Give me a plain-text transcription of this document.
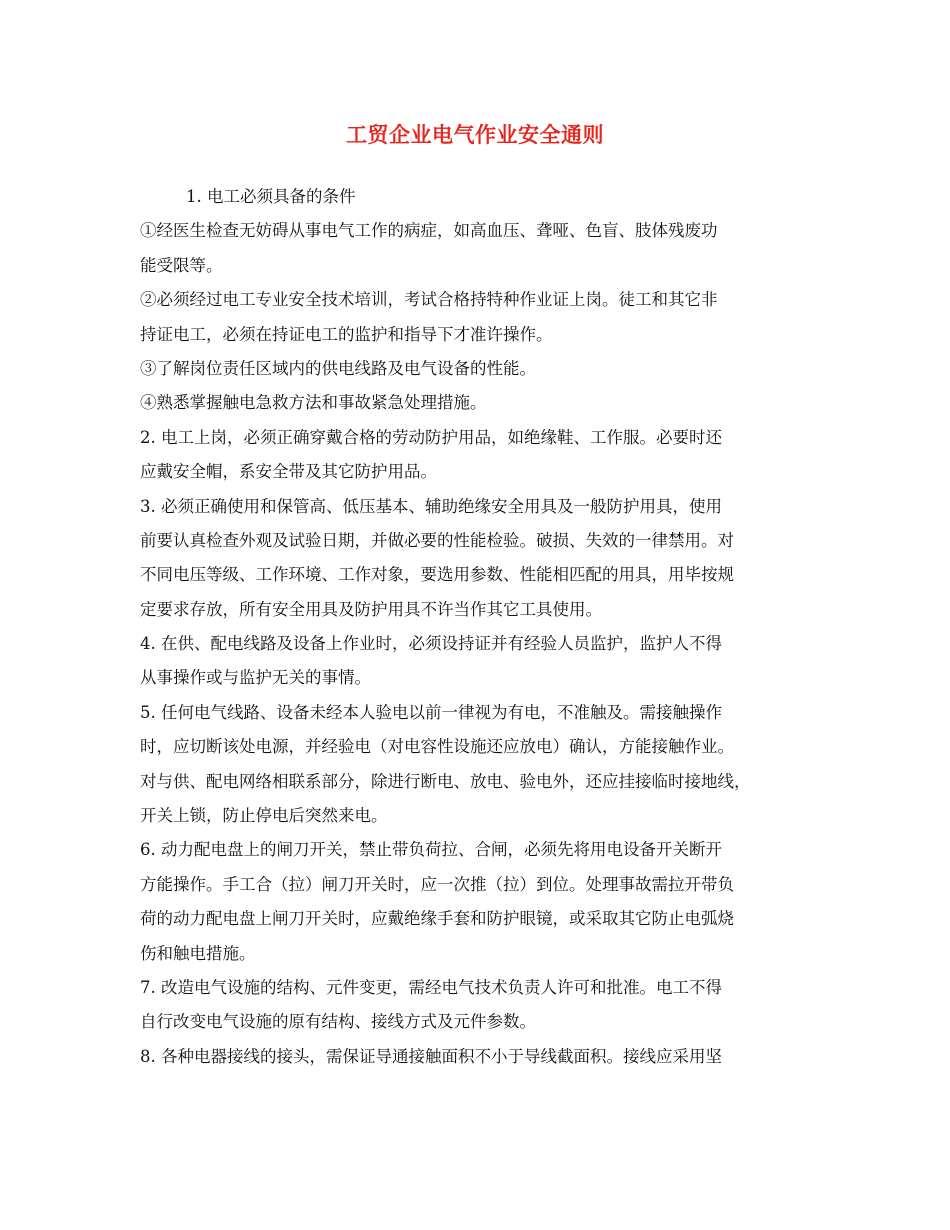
工贸企业电气作业安全通则
1. 电工必须具备的条件
①经医生检查无妨碍从事电气工作的病症，如高血压、聋哑、色盲、肢体残废功
能受限等。
②必须经过电工专业安全技术培训，考试合格持特种作业证上岗。徒工和其它非
持证电工，必须在持证电工的监护和指导下才准许操作。
③了解岗位责任区域内的供电线路及电气设备的性能。
④熟悉掌握触电急救方法和事故紧急处理措施。
2. 电工上岗，必须正确穿戴合格的劳动防护用品，如绝缘鞋、工作服。必要时还
应戴安全帽，系安全带及其它防护用品。
3. 必须正确使用和保管高、低压基本、辅助绝缘安全用具及一般防护用具，使用
前要认真检查外观及试验日期，并做必要的性能检验。破损、失效的一律禁用。对
不同电压等级、工作环境、工作对象，要选用参数、性能相匹配的用具，用毕按规
定要求存放，所有安全用具及防护用具不许当作其它工具使用。
4. 在供、配电线路及设备上作业时，必须设持证并有经验人员监护，监护人不得
从事操作或与监护无关的事情。
5. 任何电气线路、设备未经本人验电以前一律视为有电，不准触及。需接触操作
时，应切断该处电源，并经验电（对电容性设施还应放电）确认，方能接触作业。
对与供、配电网络相联系部分，除进行断电、放电、验电外，还应挂接临时接地线，
开关上锁，防止停电后突然来电。
6. 动力配电盘上的闸刀开关，禁止带负荷拉、合闸，必须先将用电设备开关断开
方能操作。手工合（拉）闸刀开关时，应一次推（拉）到位。处理事故需拉开带负
荷的动力配电盘上闸刀开关时，应戴绝缘手套和防护眼镜，或采取其它防止电弧烧
伤和触电措施。
7. 改造电气设施的结构、元件变更，需经电气技术负责人许可和批准。电工不得
自行改变电气设施的原有结构、接线方式及元件参数。
8. 各种电器接线的接头，需保证导通接触面积不小于导线截面积。接线应采用坚
